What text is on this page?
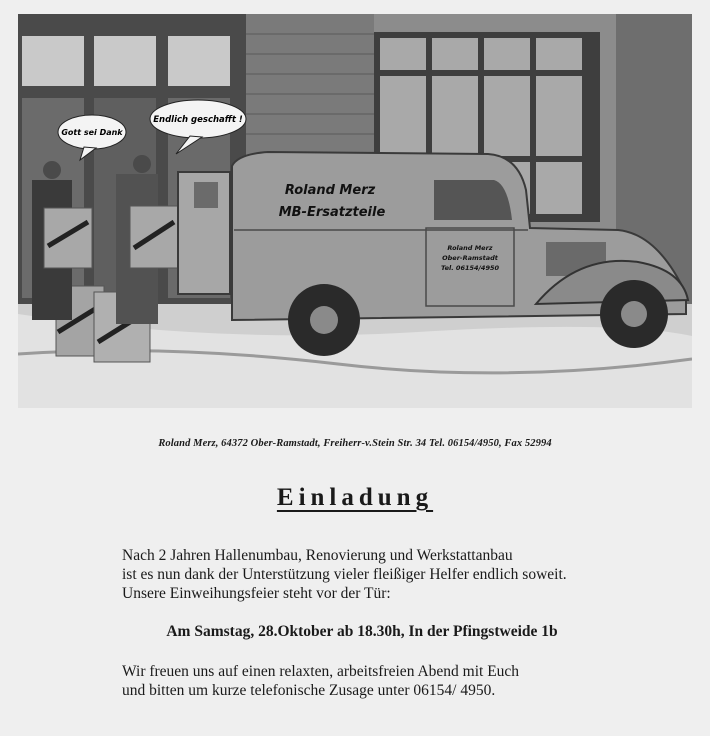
Roland Merz
MB-Ersatzteile
Roland Merz
Ober-Ramstadt
Tel. 06154/4950
Gott sei Dank
Endlich geschafft !
Roland Merz, 64372 Ober-Ramstadt, Freiherr-v.Stein Str. 34 Tel. 06154/4950, Fax 52994
Einladung
Nach 2 Jahren Hallenumbau, Renovierung und Werkstattanbau
ist es nun dank der Unterstützung vieler fleißiger Helfer endlich soweit.
Unsere Einweihungsfeier steht vor der Tür:
Am Samstag, 28.Oktober ab 18.30h, In der Pfingstweide 1b
Wir freuen uns auf einen relaxten, arbeitsfreien Abend mit Euch
und bitten um kurze telefonische Zusage unter 06154/ 4950.
